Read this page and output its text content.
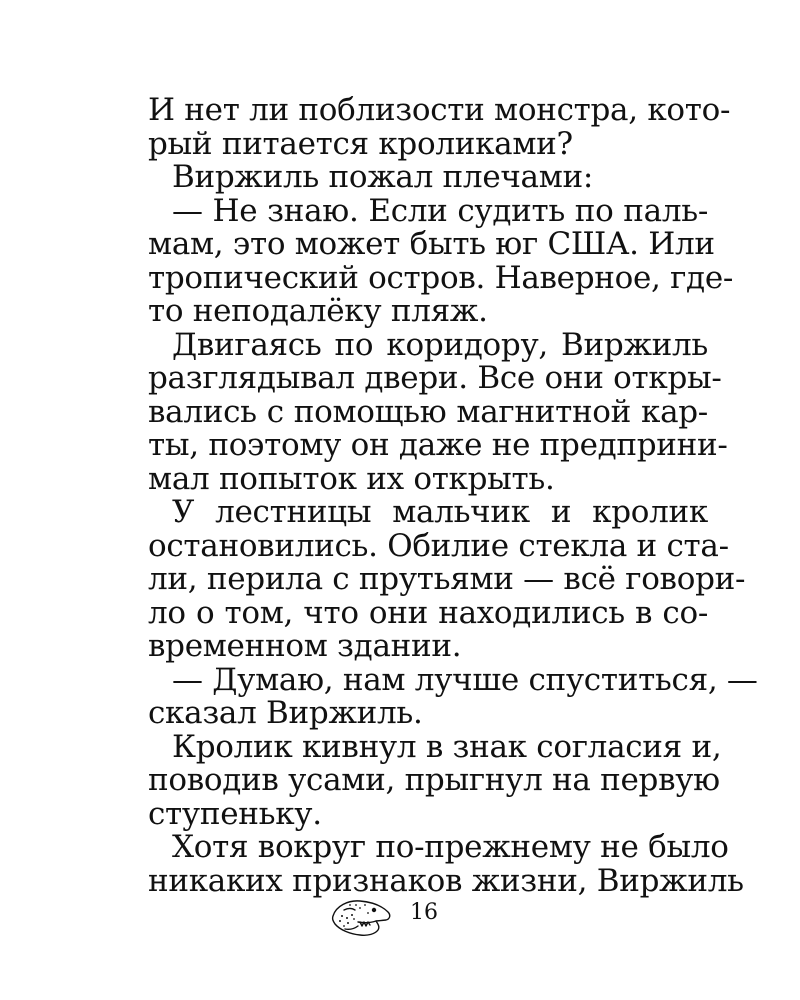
И нет ли поблизости монстра, кото-
рый питается кроликами?
Виржиль пожал плечами:
— Не знаю. Если судить по паль-
мам, это может быть юг США. Или
тропический остров. Наверное, где-
то неподалёку пляж.
Двигаясь по коридору, Виржиль
разглядывал двери. Все они откры-
вались с помощью магнитной кар-
ты, поэтому он даже не предприни-
мал попыток их открыть.
У лестницы мальчик и кролик
остановились. Обилие стекла и ста-
ли, перила с прутьями — всё говори-
ло о том, что они находились в со-
временном здании.
— Думаю, нам лучше спуститься, —
сказал Виржиль.
Кролик кивнул в знак согласия и,
поводив усами, прыгнул на первую
ступеньку.
Хотя вокруг по-прежнему не было
никаких признаков жизни, Виржиль
16
